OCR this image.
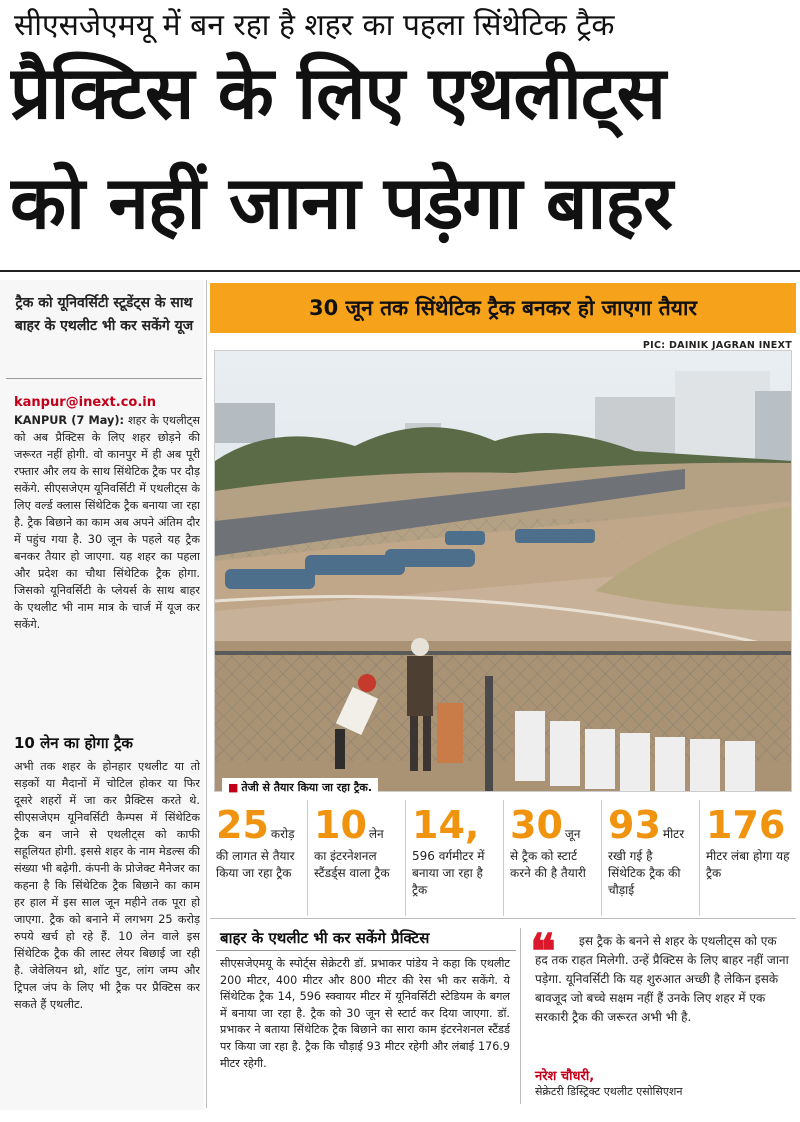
सीएसजेएमयू में बन रहा है शहर का पहला सिंथेटिक ट्रैक
प्रैक्टिस के लिए एथलीट्स
को नहीं जाना पड़ेगा बाहर
ट्रैक को यूनिवर्सिटी स्टूडेंट्स के साथ बाहर के एथलीट भी कर सकेंगे यूज
kanpur@inext.co.in
KANPUR (7 May): शहर के एथलीट्स को अब प्रैक्टिस के लिए शहर छोड़ने की जरूरत नहीं होगी. वो कानपुर में ही अब पूरी रफ्तार और लय के साथ सिंथेटिक ट्रैक पर दौड़ सकेंगे. सीएसजेएम यूनिवर्सिटी में एथलीट्स के लिए वर्ल्ड क्लास सिंथेटिक ट्रैक बनाया जा रहा है. ट्रैक बिछाने का काम अब अपने अंतिम दौर में पहुंच गया है. 30 जून के पहले यह ट्रैक बनकर तैयार हो जाएगा. यह शहर का पहला और प्रदेश का चौथा सिंथेटिक ट्रैक होगा. जिसको यूनिवर्सिटी के प्लेयर्स के साथ बाहर के एथलीट भी नाम मात्र के चार्ज में यूज कर सकेंगे.
10 लेन का होगा ट्रैक
अभी तक शहर के होनहार एथलीट या तो सड़कों या मैदानों में चोटिल होकर या फिर दूसरे शहरों में जा कर प्रैक्टिस करते थे. सीएसजेएम यूनिवर्सिटी कैम्पस में सिंथेटिक ट्रैक बन जाने से एथलीट्स को काफी सहूलियत होगी. इससे शहर के नाम मेडल्स की संख्या भी बढ़ेगी. कंपनी के प्रोजेक्ट मैनेजर का कहना है कि सिंथेटिक ट्रैक बिछाने का काम हर हाल में इस साल जून महीने तक पूरा हो जाएगा. ट्रैक को बनाने में लगभग 25 करोड़ रुपये खर्च हो रहे हैं. 10 लेन वाले इस सिंथेटिक ट्रैक की लास्ट लेयर बिछाई जा रही है. जेवेलियन थ्रो, शॉट पुट, लांग जम्प और ट्रिपल जंप के लिए भी ट्रैक पर प्रैक्टिस कर सकते हैं एथलीट.
30 जून तक सिंथेटिक ट्रैक बनकर हो जाएगा तैयार
PIC: DAINIK JAGRAN INEXT
■ तेजी से तैयार किया जा रहा ट्रैक.
25 करोड़
की लागत से तैयार किया जा रहा ट्रैक
10 लेन
का इंटरनेशनल स्टैंडर्ड्स वाला ट्रैक
14,
596 वर्गमीटर में बनाया जा रहा है ट्रैक
30 जून
से ट्रैक को स्टार्ट करने की है तैयारी
93 मीटर
रखी गई है सिंथेटिक ट्रैक की चौड़ाई
176
मीटर लंबा होगा यह ट्रैक
बाहर के एथलीट भी कर सकेंगे प्रैक्टिस
सीएसजेएमयू के स्पोर्ट्स सेक्रेटरी डॉ. प्रभाकर पांडेय ने कहा कि एथलीट 200 मीटर, 400 मीटर और 800 मीटर की रेस भी कर सकेंगे. ये सिंथेटिक ट्रैक 14, 596 स्क्वायर मीटर में यूनिवर्सिटी स्टेडियम के बगल में बनाया जा रहा है. ट्रैक को 30 जून से स्टार्ट कर दिया जाएगा. डॉ. प्रभाकर ने बताया सिंथेटिक ट्रैक बिछाने का सारा काम इंटरनेशनल स्टैंडर्ड पर किया जा रहा है. ट्रैक कि चौड़ाई 93 मीटर रहेगी और लंबाई 176.9 मीटर रहेगी.
❝	इस ट्रैक के बनने से शहर के एथलीट्स को एक हद तक राहत मिलेगी. उन्हें प्रैक्टिस के लिए बाहर नहीं जाना पड़ेगा. यूनिवर्सिटी कि यह शुरुआत अच्छी है लेकिन इसके बावजूद जो बच्चे सक्षम नहीं हैं उनके लिए शहर में एक सरकारी ट्रैक की जरूरत अभी भी है.
नरेश चौधरी,
सेक्रेटरी डिस्ट्रिक्ट एथलीट एसोसिएशन
